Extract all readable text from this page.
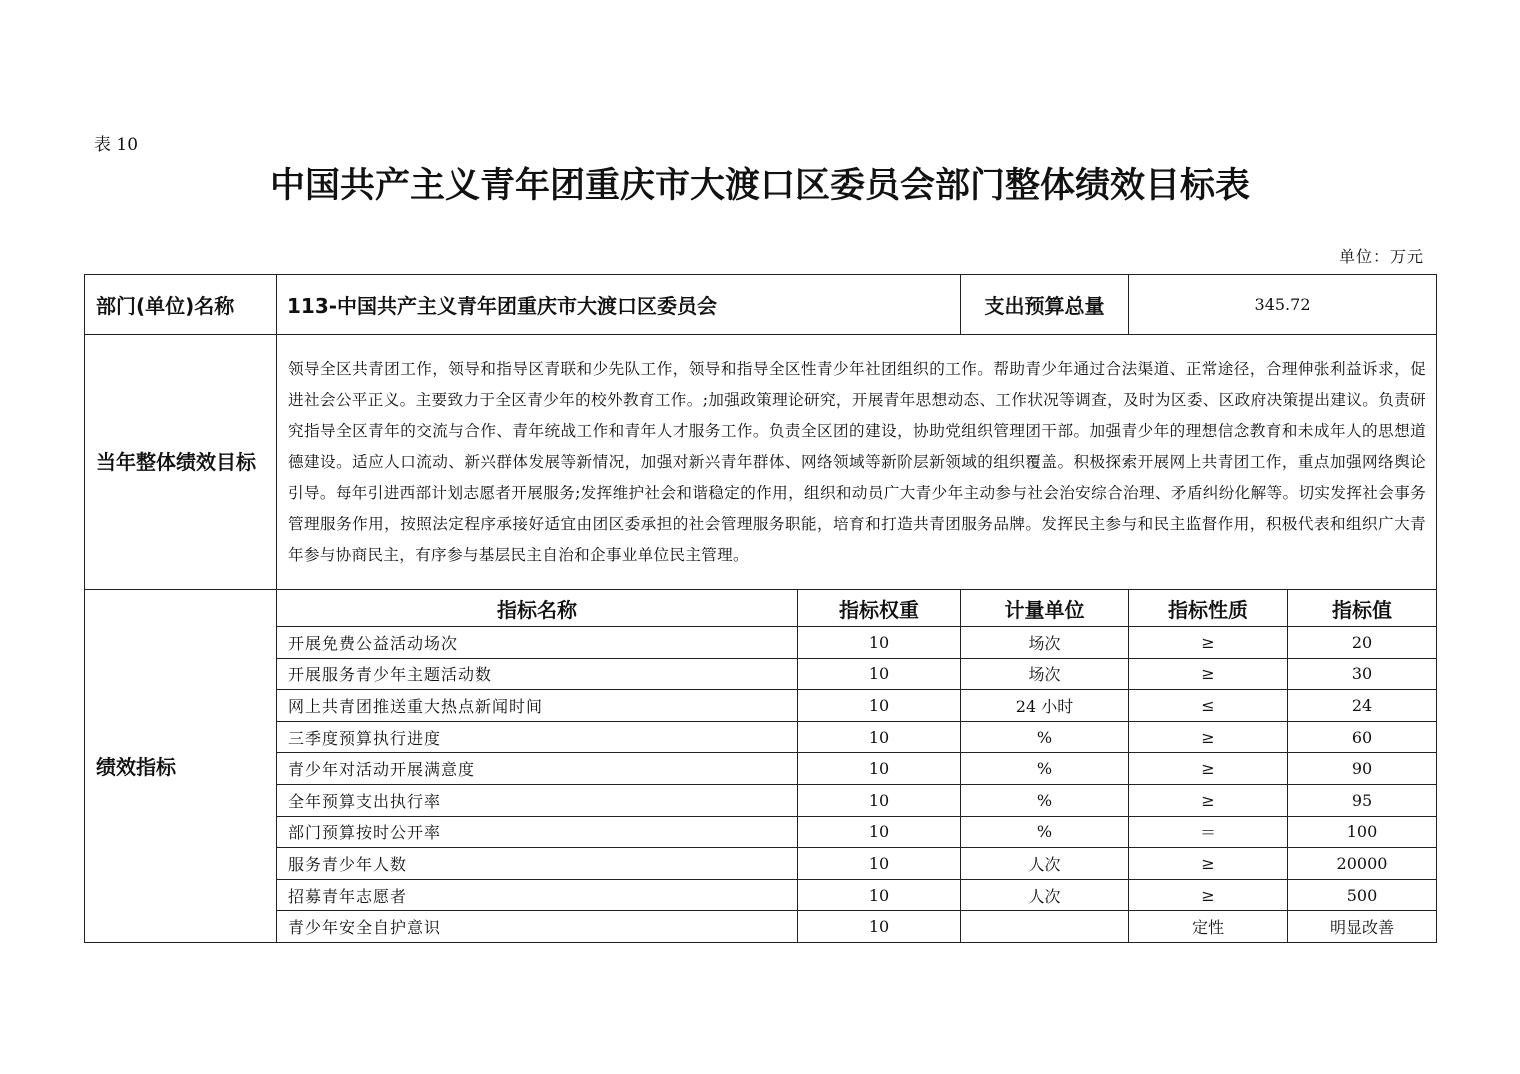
表 10
中国共产主义青年团重庆市大渡口区委员会部门整体绩效目标表
单位：万元
部门(单位)名称	113-中国共产主义青年团重庆市大渡口区委员会		支出预算总量	345.72	
当年整体绩效目标	领导全区共青团工作，领导和指导区青联和少先队工作，领导和指导全区性青少年社团组织的工作。帮助青少年通过合法渠道、正常途径，合理伸张利益诉求，促进社会公平正义。主要致力于全区青少年的校外教育工作。;加强政策理论研究，开展青年思想动态、工作状况等调查，及时为区委、区政府决策提出建议。负责研究指导全区青年的交流与合作、青年统战工作和青年人才服务工作。负责全区团的建设，协助党组织管理团干部。加强青少年的理想信念教育和未成年人的思想道德建设。适应人口流动、新兴群体发展等新情况，加强对新兴青年群体、网络领域等新阶层新领域的组织覆盖。积极探索开展网上共青团工作，重点加强网络舆论引导。每年引进西部计划志愿者开展服务;发挥维护社会和谐稳定的作用，组织和动员广大青少年主动参与社会治安综合治理、矛盾纠纷化解等。切实发挥社会事务管理服务作用，按照法定程序承接好适宜由团区委承担的社会管理服务职能，培育和打造共青团服务品牌。发挥民主参与和民主监督作用，积极代表和组织广大青年参与协商民主，有序参与基层民主自治和企事业单位民主管理。				
绩效指标	指标名称	指标权重	计量单位	指标性质	指标值
	开展免费公益活动场次	10	场次	≥	20
	开展服务青少年主题活动数	10	场次	≥	30
	网上共青团推送重大热点新闻时间	10	24 小时	≤	24
	三季度预算执行进度	10	%	≥	60
	青少年对活动开展满意度	10	%	≥	90
	全年预算支出执行率	10	%	≥	95
	部门预算按时公开率	10	%	＝	100
	服务青少年人数	10	人次	≥	20000
	招募青年志愿者	10	人次	≥	500
	青少年安全自护意识	10		定性	明显改善
